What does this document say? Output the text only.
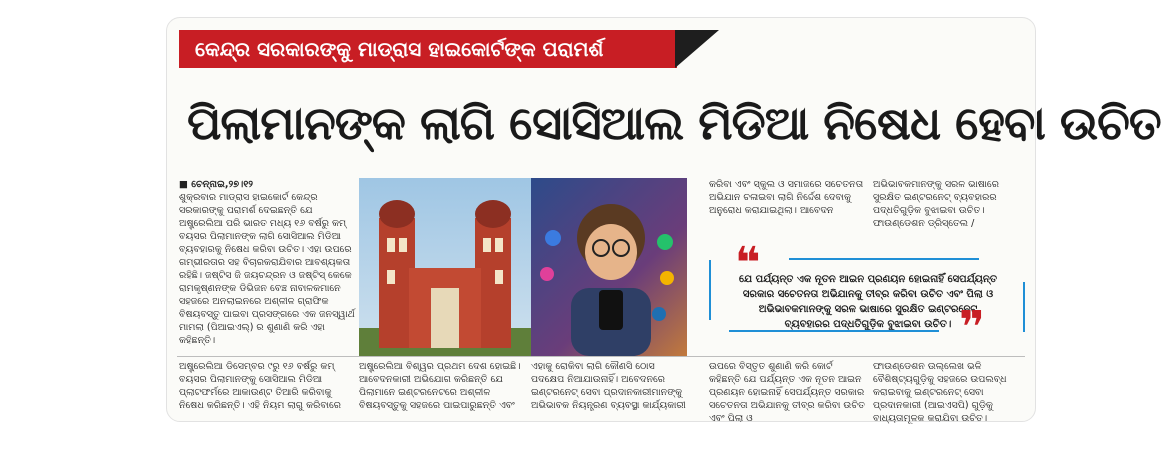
କେନ୍ଦ୍ର ସରକାରଙ୍କୁ ମାଡ୍ରାସ ହାଇକୋର୍ଟଙ୍କ ପରାମର୍ଶ
ପିଲାମାନଙ୍କ ଲାଗି ସୋସିଆଲ ମିଡିଆ ନିଷେଧ ହେବା ଉଚିତ
■ ଚେନ୍ନାଇ,୨୭।୧୨
ଶୁକ୍ରବାର ମାଡ୍ରାସ ହାଇକୋର୍ଟ କେନ୍ଦ୍ର ସରକାରଙ୍କୁ ପରାମର୍ଶ ଦେଇଛନ୍ତି ଯେ ଅଷ୍ଟ୍ରେଲିଆ ପରି ଭାରତ ମଧ୍ୟ ୧୬ ବର୍ଷରୁ କମ୍ ବୟସର ପିଲାମାନଙ୍କ ଲାଗି ସୋସିଆଲ ମିଡିଆ ବ୍ୟବହାରକୁ ନିଷେଧ କରିବା ଉଚିତ। ଏହା ଉପରେ ଗମ୍ଭୀରତାର ସହ ବିଚାରକରାଯିବାର ଆବଶ୍ୟକତା ରହିଛି। ଜଷ୍ଟିସ ଜି ଜୟଚନ୍ଦ୍ରନ ଓ ଜଷ୍ଟିସ୍ କେକେ ରାମକୃଷ୍ଣନଙ୍କ ଡିଭିଜନ ବେଞ୍ଚ ନାବାଳକମାନେ ସହଜରେ ଅନଲାଇନରେ ଅଶ୍ଳୀଳ ଗ୍ରାଫିକ ବିଷୟବସ୍ତୁ ପାଇବା ପ୍ରସଙ୍ଗରେ ଏକ ଜନସ୍ୱାର୍ଥ ମାମଲା (ପିଆଇଏଲ୍) ର ଶୁଣାଣି କରି ଏହା କହିଛନ୍ତି।
ଅଷ୍ଟ୍ରେଲିଆ ଡିସେମ୍ବର ୯ରୁ ୧୬ ବର୍ଷରୁ କମ୍ ବୟସର ପିଲାମାନଙ୍କୁ ସୋସିଆଲ ମିଡିଆ ପ୍ଲାଟଫର୍ମରେ ଆକାଉଣ୍ଟ ତିଆରି କରିବାକୁ ନିଷେଧ କରିଛନ୍ତି। ଏହି ନିୟମ ଲାଗୁ କରିବାରେ
ଅଷ୍ଟ୍ରେଲିଆ ବିଶ୍ୱର ପ୍ରଥମ ଦେଶ ହୋଇଛି। ଆବେଦନକାରୀ ଅଭିଯୋଗ କରିଛନ୍ତି ଯେ ପିଲାମାନେ ଇଣ୍ଟରନେଟରେ ଅଶ୍ଳୀଳ ବିଷୟବସ୍ତୁକୁ ସହଜରେ ପାଇପାରୁଛନ୍ତି ଏବଂ
ଏହାକୁ ରୋକିବା ଲାଗି କୌଣସି ଠୋସ ପଦକ୍ଷେପ ନିଆଯାଉନାହିଁ। ଅବେଦନରେ ଇଣ୍ଟରନେଟ୍ ସେବା ପ୍ରଦାନକାରୀମାନଙ୍କୁ ଅଭିଭାବକ ନିୟନ୍ତ୍ରଣ ବ୍ୟବସ୍ଥା କାର୍ଯ୍ୟକାରୀ
କରିବା ଏବଂ ସ୍କୁଲ ଓ ସମାଜରେ ସଚେତନତା ଅଭିଯାନ ଚଳାଇବା ଲାଗି ନିର୍ଦ୍ଦେଶ ଦେବାକୁ ଅନୁରୋଧ କରାଯାଇଥିଲା। ଆବେଦନ
ଅଭିଭାବକମାନଙ୍କୁ ସରଳ ଭାଷାରେ ସୁରକ୍ଷିତ ଇଣ୍ଟରନେଟ୍ ବ୍ୟବହାରର ପଦ୍ଧତିଗୁଡ଼ିକ ବୁଝାଇବା ଉଚିତ। ଫାଉଣ୍ଡେଶନ ଡ୍ରିସ୍ତେଲ /
❝
ଯେ ପର୍ଯ୍ୟନ୍ତ ଏକ ନୂତନ ଆଇନ ପ୍ରଣୟନ ହୋଇନାହିଁ ସେପର୍ଯ୍ୟନ୍ତ ସରକାର ସଚେତନତା ଅଭିଯାନକୁ ତୀବ୍ର କରିବା ଉଚିତ ଏବଂ ପିଲା ଓ ଅଭିଭାବକମାନଙ୍କୁ ସରଳ ଭାଷାରେ ସୁରକ୍ଷିତ ଇଣ୍ଟରନେଟ୍ ବ୍ୟବହାରର ପଦ୍ଧତିଗୁଡ଼ିକ ବୁଝାଇବା ଉଚିତ। ❞
ଉପରେ ବିସ୍ତୃତ ଶୁଣାଣି କରି କୋର୍ଟ କହିଛନ୍ତି ଯେ ପର୍ଯ୍ୟନ୍ତ ଏକ ନୂତନ ଆଇନ ପ୍ରଣୟନ ହୋଇନାହିଁ ସେପର୍ଯ୍ୟନ୍ତ ସରକାର ସଚେତନତା ଅଭିଯାନକୁ ତୀବ୍ର କରିବା ଉଚିତ ଏବଂ ପିଲା ଓ
ଫାଉଣ୍ଡେଶନ ଉଲ୍ଲେଖ ଭଳି ବୈଶିଷ୍ଟ୍ୟଗୁଡ଼ିକୁ ସହଜରେ ଉପଲବ୍ଧ କରାଇବାକୁ ଇଣ୍ଟରନେଟ୍ ସେବା ପ୍ରଦାନକାରୀ (ଆଇଏସପି) ଗୁଡ଼ିକୁ ବାଧ୍ୟତାମୂଳକ କରାଯିବା ଉଚିତ।
